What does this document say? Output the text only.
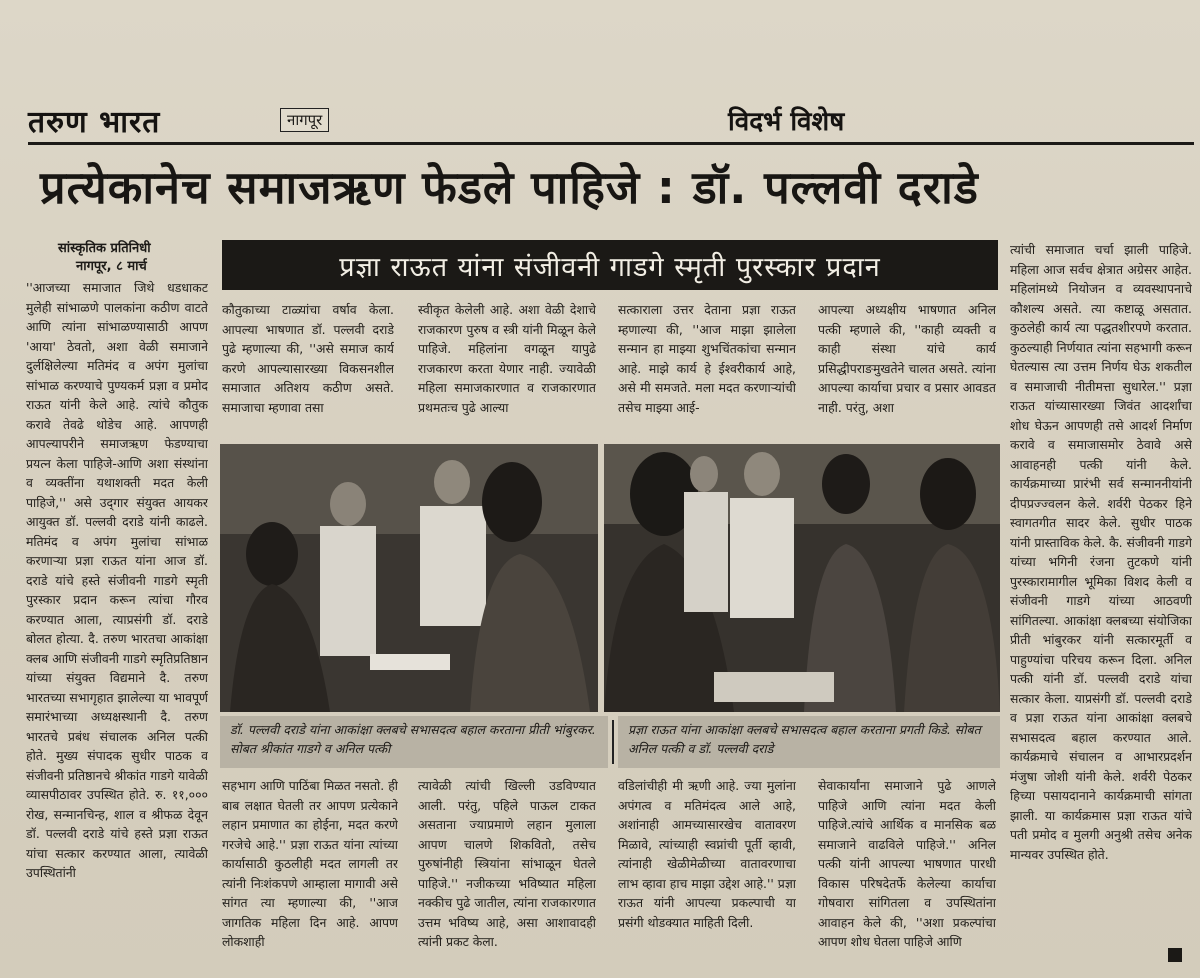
तरुण भारत	नागपूर	विदर्भ विशेष
प्रत्येकानेच समाजऋण फेडले पाहिजे : डॉ. पल्लवी दराडे
सांस्कृतिक प्रतिनिधी
नागपूर, ८ मार्च	प्रज्ञा राऊत यांना संजीवनी गाडगे स्मृती पुरस्कार प्रदान
''आजच्या समाजात जिथे धडधाकट मुलेही सांभाळणे पालकांना कठीण वाटते आणि त्यांना सांभाळण्यासाठी आपण 'आया' ठेवतो, अशा वेळी समाजाने दुर्लक्षिलेल्या मतिमंद व अपंग मुलांचा सांभाळ करण्याचे पुण्यकर्म प्रज्ञा व प्रमोद राऊत यांनी केले आहे. त्यांचे कौतुक करावे तेवढे थोडेच आहे. आपणही आपल्यापरीने समाजऋण फेडण्याचा प्रयत्न केला पाहिजे-आणि अशा संस्थांना व व्यक्तींना यथाशक्ती मदत केली पाहिजे,'' असे उद्‌गार संयुक्त आयकर आयुक्त डॉ. पल्लवी दराडे यांनी काढले. मतिमंद व अपंग मुलांचा सांभाळ करणाऱ्या प्रज्ञा राऊत यांना आज डॉ. दराडे यांचे हस्ते संजीवनी गाडगे स्मृती पुरस्कार प्रदान करून त्यांचा गौरव करण्यात आला, त्याप्रसंगी डॉ. दराडे बोलत होत्या. दै. तरुण भारतचा आकांक्षा क्लब आणि संजीवनी गाडगे स्मृतिप्रतिष्ठान यांच्या संयुक्त विद्यमाने दै. तरुण भारतच्या सभागृहात झालेल्या या भावपूर्ण समारंभाच्या अध्यक्षस्थानी दै. तरुण भारतचे प्रबंध संचालक अनिल पत्की होते. मुख्य संपादक सुधीर पाठक व संजीवनी प्रतिष्ठानचे श्रीकांत गाडगे यावेळी व्यासपीठावर उपस्थित होते. रु. ११,००० रोख, सन्मानचिन्ह, शाल व श्रीफळ देवून डॉ. पल्लवी दराडे यांचे हस्ते प्रज्ञा राऊत यांचा सत्कार करण्यात आला, त्यावेळी उपस्थितांनी
कौतुकाच्या टाळ्यांचा वर्षाव केला. आपल्या भाषणात डॉ. पल्लवी दराडे पुढे म्हणाल्या की, ''असे समाज कार्य करणे आपल्यासारख्या विकसनशील समाजात अतिशय कठीण असते. समाजाचा म्हणावा तसा
स्वीकृत केलेली आहे. अशा वेळी देशाचे राजकारण पुरुष व स्त्री यांनी मिळून केले पाहिजे. महिलांना वगळून यापुढे राजकारण करता येणार नाही. ज्यावेळी महिला समाजकारणात व राजकारणात प्रथमतःच पुढे आल्या
सत्काराला उत्तर देताना प्रज्ञा राऊत म्हणाल्या की, ''आज माझा झालेला सन्मान हा माझ्या शुभचिंतकांचा सन्मान आहे. माझे कार्य हे ईश्वरीकार्य आहे, असे मी समजते. मला मदत करणाऱ्यांची तसेच माझ्या आई-
आपल्या अध्यक्षीय भाषणात अनिल पत्की म्हणाले की, ''काही व्यक्ती व काही संस्था यांचे कार्य प्रसिद्धीपराङमुखतेने चालत असते. त्यांना आपल्या कार्याचा प्रचार व प्रसार आवडत नाही. परंतु, अशा
त्यांची समाजात चर्चा झाली पाहिजे. महिला आज सर्वच क्षेत्रात अग्रेसर आहेत. महिलांमध्ये नियोजन व व्यवस्थापनाचे कौशल्य असते. त्या कष्टाळू असतात. कुठलेही कार्य त्या पद्धतशीरपणे करतात. कुठल्याही निर्णयात त्यांना सहभागी करून घेतल्यास त्या उत्तम निर्णय घेऊ शकतील व समाजाची नीतीमत्ता सुधारेल.'' प्रज्ञा राऊत यांच्यासारख्या जिवंत आदर्शांचा शोध घेऊन आपणही तसे आदर्श निर्माण करावे व समाजासमोर ठेवावे असे आवाहनही पत्की यांनी केले. कार्यक्रमाच्या प्रारंभी सर्व सन्माननीयांनी दीपप्रज्ज्वलन केले. शर्वरी पेठकर हिने स्वागतगीत सादर केले. सुधीर पाठक यांनी प्रास्ताविक केले. कै. संजीवनी गाडगे यांच्या भगिनी रंजना तुटकणे यांनी पुरस्कारामागील भूमिका विशद केली व संजीवनी गाडगे यांच्या आठवणी सांगितल्या. आकांक्षा क्लबच्या संयोजिका प्रीती भांबुरकर यांनी सत्कारमूर्ती व पाहुण्यांचा परिचय करून दिला. अनिल पत्की यांनी डॉ. पल्लवी दराडे यांचा सत्कार केला. याप्रसंगी डॉ. पल्लवी दराडे व प्रज्ञा राऊत यांना आकांक्षा क्लबचे सभासदत्व बहाल करण्यात आले. कार्यक्रमाचे संचालन व आभारप्रदर्शन मंजुषा जोशी यांनी केले. शर्वरी पेठकर हिच्या पसायदानाने कार्यक्रमाची सांगता झाली. या कार्यक्रमास प्रज्ञा राऊत यांचे पती प्रमोद व मुलगी अनुश्री तसेच अनेक मान्यवर उपस्थित होते.
डॉ. पल्लवी दराडे यांना आकांक्षा क्लबचे सभासदत्व बहाल करताना प्रीती भांबुरकर. सोबत श्रीकांत गाडगे व अनिल पत्की
प्रज्ञा राऊत यांना आकांक्षा क्लबचे सभासदत्व बहाल करताना प्रगती किडे. सोबत अनिल पत्की व डॉ. पल्लवी दराडे
सहभाग आणि पाठिंबा मिळत नसतो. ही बाब लक्षात घेतली तर आपण प्रत्येकाने लहान प्रमाणात का होईना, मदत करणे गरजेचे आहे.'' प्रज्ञा राऊत यांना त्यांच्या कार्यासाठी कुठलीही मदत लागली तर त्यांनी निःशंकपणे आम्हाला मागावी असे सांगत त्या म्हणाल्या की, ''आज जागतिक महिला दिन आहे. आपण लोकशाही
त्यावेळी त्यांची खिल्ली उडविण्यात आली. परंतु, पहिले पाऊल टाकत असताना ज्याप्रमाणे लहान मुलाला आपण चालणे शिकवितो, तसेच पुरुषांनीही स्त्रियांना सांभाळून घेतले पाहिजे.'' नजीकच्या भविष्यात महिला नक्कीच पुढे जातील, त्यांना राजकारणात उत्तम भविष्य आहे, असा आशावादही त्यांनी प्रकट केला.
वडिलांचीही मी ऋणी आहे. ज्या मुलांना अपंगत्व व मतिमंदत्व आले आहे, अशांनाही आमच्यासारखेच वातावरण मिळावे, त्यांच्याही स्वप्नांची पूर्ती व्हावी, त्यांनाही खेळीमेळीच्या वातावरणाचा लाभ व्हावा हाच माझा उद्देश आहे.'' प्रज्ञा राऊत यांनी आपल्या प्रकल्पाची या प्रसंगी थोडक्यात माहिती दिली.
सेवाकार्यांना समाजाने पुढे आणले पाहिजे आणि त्यांना मदत केली पाहिजे.त्यांचे आर्थिक व मानसिक बळ समाजाने वाढविले पाहिजे.'' अनिल पत्की यांनी आपल्या भाषणात पारधी विकास परिषदेतर्फे केलेल्या कार्याचा गोषवारा सांगितला व उपस्थितांना आवाहन केले की, ''अशा प्रकल्पांचा आपण शोध घेतला पाहिजे आणि
